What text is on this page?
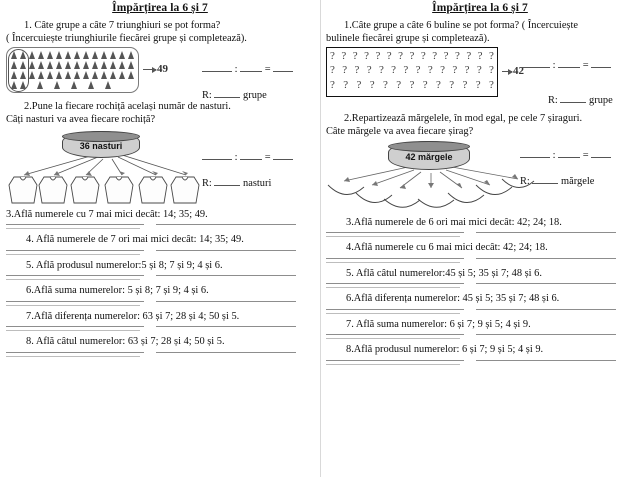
Împărțirea la 6 și 7

1. Câte grupe a câte 7 triunghiuri se pot forma?

( Încercuiește triunghiurile fiecărei grupe și completează).

49	:	=
R:	grupe

2.Pune la fiecare rochiță același număr de nasturi.

Câți nasturi va avea fiecare rochiță?

36 nasturi
:	=
R:	nasturi

3.Află numerele cu 7 mai mici decât: 14; 35; 49.

4. Află numerele de 7 ori mai mici decât: 14; 35; 49.

5. Află produsul numerelor:5 și 8; 7 și 9; 4 și 6.

6.Află suma numerelor: 5 și 8; 7 și 9; 4 și 6.

7.Află diferența numerelor: 63 și 7; 28 și 4; 50 și 5.

8. Află câtul numerelor: 63 și 7; 28 și 4; 50 și 5.

Împărțirea la 6 și 7

1.Câte grupe a câte 6 buline se pot forma? ( Încercuiește

bulinele fiecărei grupe și completează).

? ? ? ? ? ? ? ? ? ? ? ? ? ? ?
? ? ? ? ? ? ? ? ? ? ? ? ? ?
? ? ? ? ? ? ? ? ? ? ? ? ?
42	:	=
R:	grupe

2.Repartizează mărgelele, în mod egal, pe cele 7 șiraguri.

Câte mărgele va avea fiecare șirag?

42 mărgele	:	=
R:	mărgele

3.Află numerele de 6 ori mai mici decât: 42; 24; 18.

4.Află numerele cu 6 mai mici decât: 42; 24; 18.

5. Află câtul numerelor:45 și 5; 35 și 7; 48 și 6.

6.Află diferența numerelor: 45 și 5; 35 și 7; 48 și 6.

7. Află suma numerelor: 6 și 7; 9 și 5; 4 și 9.

8.Află produsul numerelor: 6 și 7; 9 și 5; 4 și 9.
